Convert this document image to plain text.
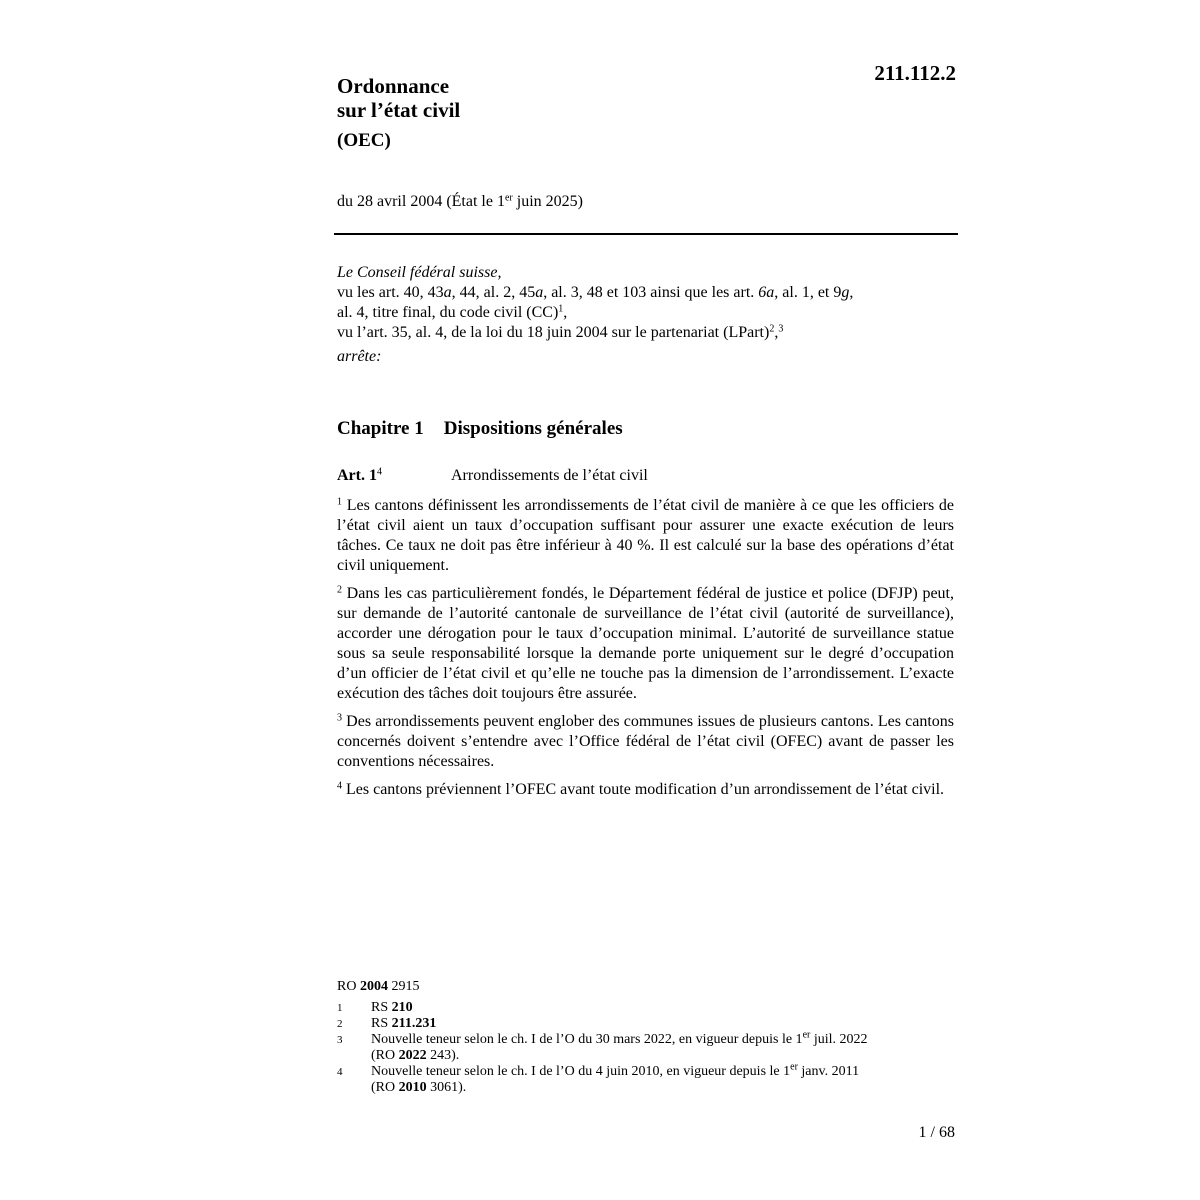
211.112.2
Ordonnance
sur l’état civil
(OEC)
du 28 avril 2004 (État le 1er juin 2025)

Le Conseil fédéral suisse,

vu les art. 40, 43a, 44, al. 2, 45a, al. 3, 48 et 103 ainsi que les art. 6a, al. 1, et 9g,
al. 4, titre final, du code civil (CC)$^1$,

vu l’art. 35, al. 4, de la loi du 18 juin 2004 sur le partenariat (LPart)$^2$,$^3$

arrête:

Chapitre 1 Dispositions générales
Art. $1^4$	Arrondissements de l’état civil

$^1$ Les cantons définissent les arrondissements de l’état civil de manière à ce que les officiers de l’état civil aient un taux d’occupation suffisant pour assurer une exacte exécution de leurs tâches. Ce taux ne doit pas être inférieur à 40 %. Il est calculé sur la base des opérations d’état civil uniquement.

$^2$ Dans les cas particulièrement fondés, le Département fédéral de justice et police (DFJP) peut, sur demande de l’autorité cantonale de surveillance de l’état civil (autorité de surveillance), accorder une dérogation pour le taux d’occupation minimal. L’autorité de surveillance statue sous sa seule responsabilité lorsque la demande porte uniquement sur le degré d’occupation d’un officier de l’état civil et qu’elle ne touche pas la dimension de l’arrondissement. L’exacte exécution des tâches doit toujours être assurée.

$^3$ Des arrondissements peuvent englober des communes issues de plusieurs cantons. Les cantons concernés doivent s’entendre avec l’Office fédéral de l’état civil (OFEC) avant de passer les conventions nécessaires.

$^4$ Les cantons préviennent l’OFEC avant toute modification d’un arrondissement de l’état civil.

RO 2004 2915
1	RS 210
2	RS 211.231
3	Nouvelle teneur selon le ch. I de l’O du 30 mars 2022, en vigueur depuis le 1er juil. 2022
(RO 2022 243).
4	Nouvelle teneur selon le ch. I de l’O du 4 juin 2010, en vigueur depuis le 1er janv. 2011
(RO 2010 3061).
1 / 68
